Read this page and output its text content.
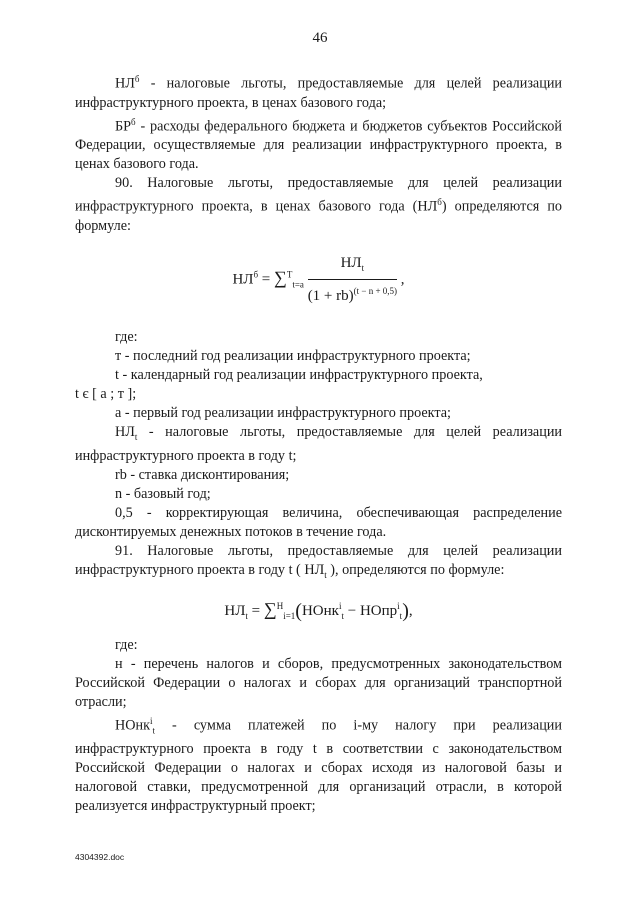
46

$НЛ^б$ - налоговые льготы, предоставляемые для целей реализации инфраструктурного проекта, в ценах базового года;

$БР^б$ - расходы федерального бюджета и бюджетов субъектов Российской Федерации, осуществляемые для реализации инфраструктурного проекта, в ценах базового года.

90. Налоговые льготы, предоставляемые для целей реализации инфраструктурного проекта, в ценах базового года $(НЛ^б)$ определяются по формуле:

$НЛ^б = \sum^T_{t=a} \frac{НЛ_t}{(1 + rb)^{(t - n + 0,5)}}$ ,

где:

т - последний год реализации инфраструктурного проекта;

t - календарный год реализации инфраструктурного проекта,

t є [ a ; т ];

a - первый год реализации инфраструктурного проекта;

$НЛ_t$ - налоговые льготы, предоставляемые для целей реализации инфраструктурного проекта в году t;

rb - ставка дисконтирования;

n - базовый год;

0,5 - корректирующая величина, обеспечивающая распределение дисконтируемых денежных потоков в течение года.

91. Налоговые льготы, предоставляемые для целей реализации инфраструктурного проекта в году t ( $НЛ_t$ ), определяются по формуле:

$НЛ_t$ = ∑$^H_{i=1}$(НОнк$^i_t$ − НОпр$^i_t$),

где:

н - перечень налогов и сборов, предусмотренных законодательством Российской Федерации о налогах и сборах для организаций транспортной отрасли;

НОнк$^i_t$ - сумма платежей по i-му налогу при реализации инфраструктурного проекта в году t в соответствии с законодательством Российской Федерации о налогах и сборах исходя из налоговой базы и налоговой ставки, предусмотренной для организаций отрасли, в которой реализуется инфраструктурный проект;

4304392.doc
